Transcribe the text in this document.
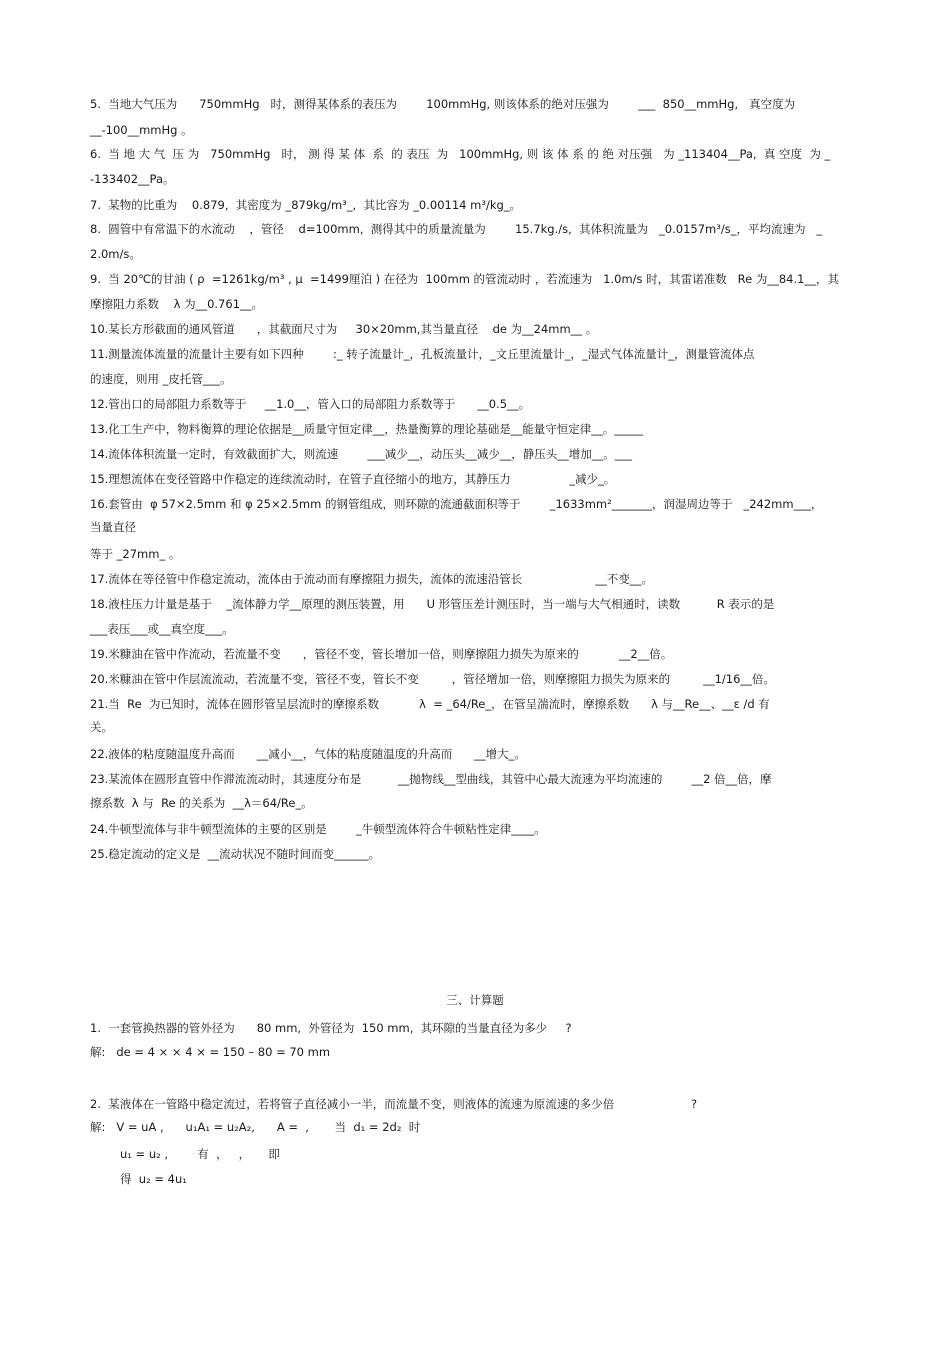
5.  当地大气压为      750mmHg   时，测得某体系的表压为        100mmHg, 则该体系的绝对压强为        ___  850__mmHg,   真空度为
__-100__mmHg 。
6.  当 地 大 气  压 为   750mmHg   时， 测 得 某 体  系  的 表压  为   100mmHg, 则 该 体 系 的 绝 对压强   为 _113404__Pa,  真 空度  为 _
-133402__Pa。
7.  某物的比重为    0.879,  其密度为 _879kg/m³_,  其比容为 _0.00114 m³/kg_。
8.  圆管中有常温下的水流动    ，管径    d=100mm,  测得其中的质量流量为        15.7kg./s,  其体积流量为   _0.0157m³/s_，平均流速为   _
2.0m/s。
9.  当 20℃的甘油 ( ρ  =1261kg/m³ , μ  =1499厘泊 ) 在径为  100mm 的管流动时 ，若流速为   1.0m/s 时，其雷诺准数   Re 为__84.1__，其
摩擦阻力系数    λ 为__0.761__。
10.某长方形截面的通风管道      ，其截面尺寸为     30×20mm,其当量直径    de 为__24mm__ 。
11.测量流体流量的流量计主要有如下四种        :_ 转子流量计_，孔板流量计，_文丘里流量计_，_湿式气体流量计_，测量管流体点
的速度，则用 _皮托管___。
12.管出口的局部阻力系数等于     __1.0__，管入口的局部阻力系数等于      __0.5__。
13.化工生产中，物料衡算的理论依据是__质量守恒定律__，热量衡算的理论基础是__能量守恒定律__。_____
14.流体体积流量一定时，有效截面扩大，则流速        ___减少__，动压头__减少__，静压头__增加__。___
15.理想流体在变径管路中作稳定的连续流动时，在管子直径缩小的地方，其静压力                _减少_。
16.套管由  φ 57×2.5mm 和 φ 25×2.5mm 的钢管组成，则环隙的流通截面积等于        _1633mm²_______，润湿周边等于   _242mm___，
当量直径
等于 _27mm_ 。
17.流体在等径管中作稳定流动，流体由于流动而有摩擦阻力损失，流体的流速沿管长                    __不变__。
18.液柱压力计量是基于    _流体静力学__原理的测压装置，用      U 形管压差计测压时，当一端与大气相通时，读数          R 表示的是
___表压___或__真空度___。
19.米糠油在管中作流动，若流量不变      ，管径不变，管长增加一倍，则摩擦阻力损失为原来的           __2__倍。
20.米糠油在管中作层流流动，若流量不变，管径不变，管长不变         ，管径增加一倍，则摩擦阻力损失为原来的         __1/16__倍。
21.当  Re  为已知时，流体在圆形管呈层流时的摩擦系数           λ  = _64/Re_，在管呈湍流时，摩擦系数      λ 与__Re__、__ε /d 有
关。
22.液体的粘度随温度升高而      __减小__，气体的粘度随温度的升高而      __增大_。
23.某流体在圆形直管中作滞流流动时，其速度分布是          __抛物线__型曲线，其管中心最大流速为平均流速的        __2 倍__倍，摩
擦系数  λ 与  Re 的关系为  __λ＝64/Re_。
24.牛顿型流体与非牛顿型流体的主要的区别是        _牛顿型流体符合牛顿粘性定律____。
25.稳定流动的定义是  __流动状况不随时间而变______。
三、计算题
1.  一套管换热器的管外径为      80 mm,  外管径为  150 mm,  其环隙的当量直径为多少     ?
解:   de = 4 × × 4 × = 150 – 80 = 70 mm
2.  某液体在一管路中稳定流过，若将管子直径减小一半，而流量不变，则液体的流速为原流速的多少倍                     ?
解:   V = uA ,      u₁A₁ = u₂A₂,      A =  ,       当  d₁ = 2d₂  时
u₁ = u₂ ,        有  ，   ，     即
得  u₂ = 4u₁
